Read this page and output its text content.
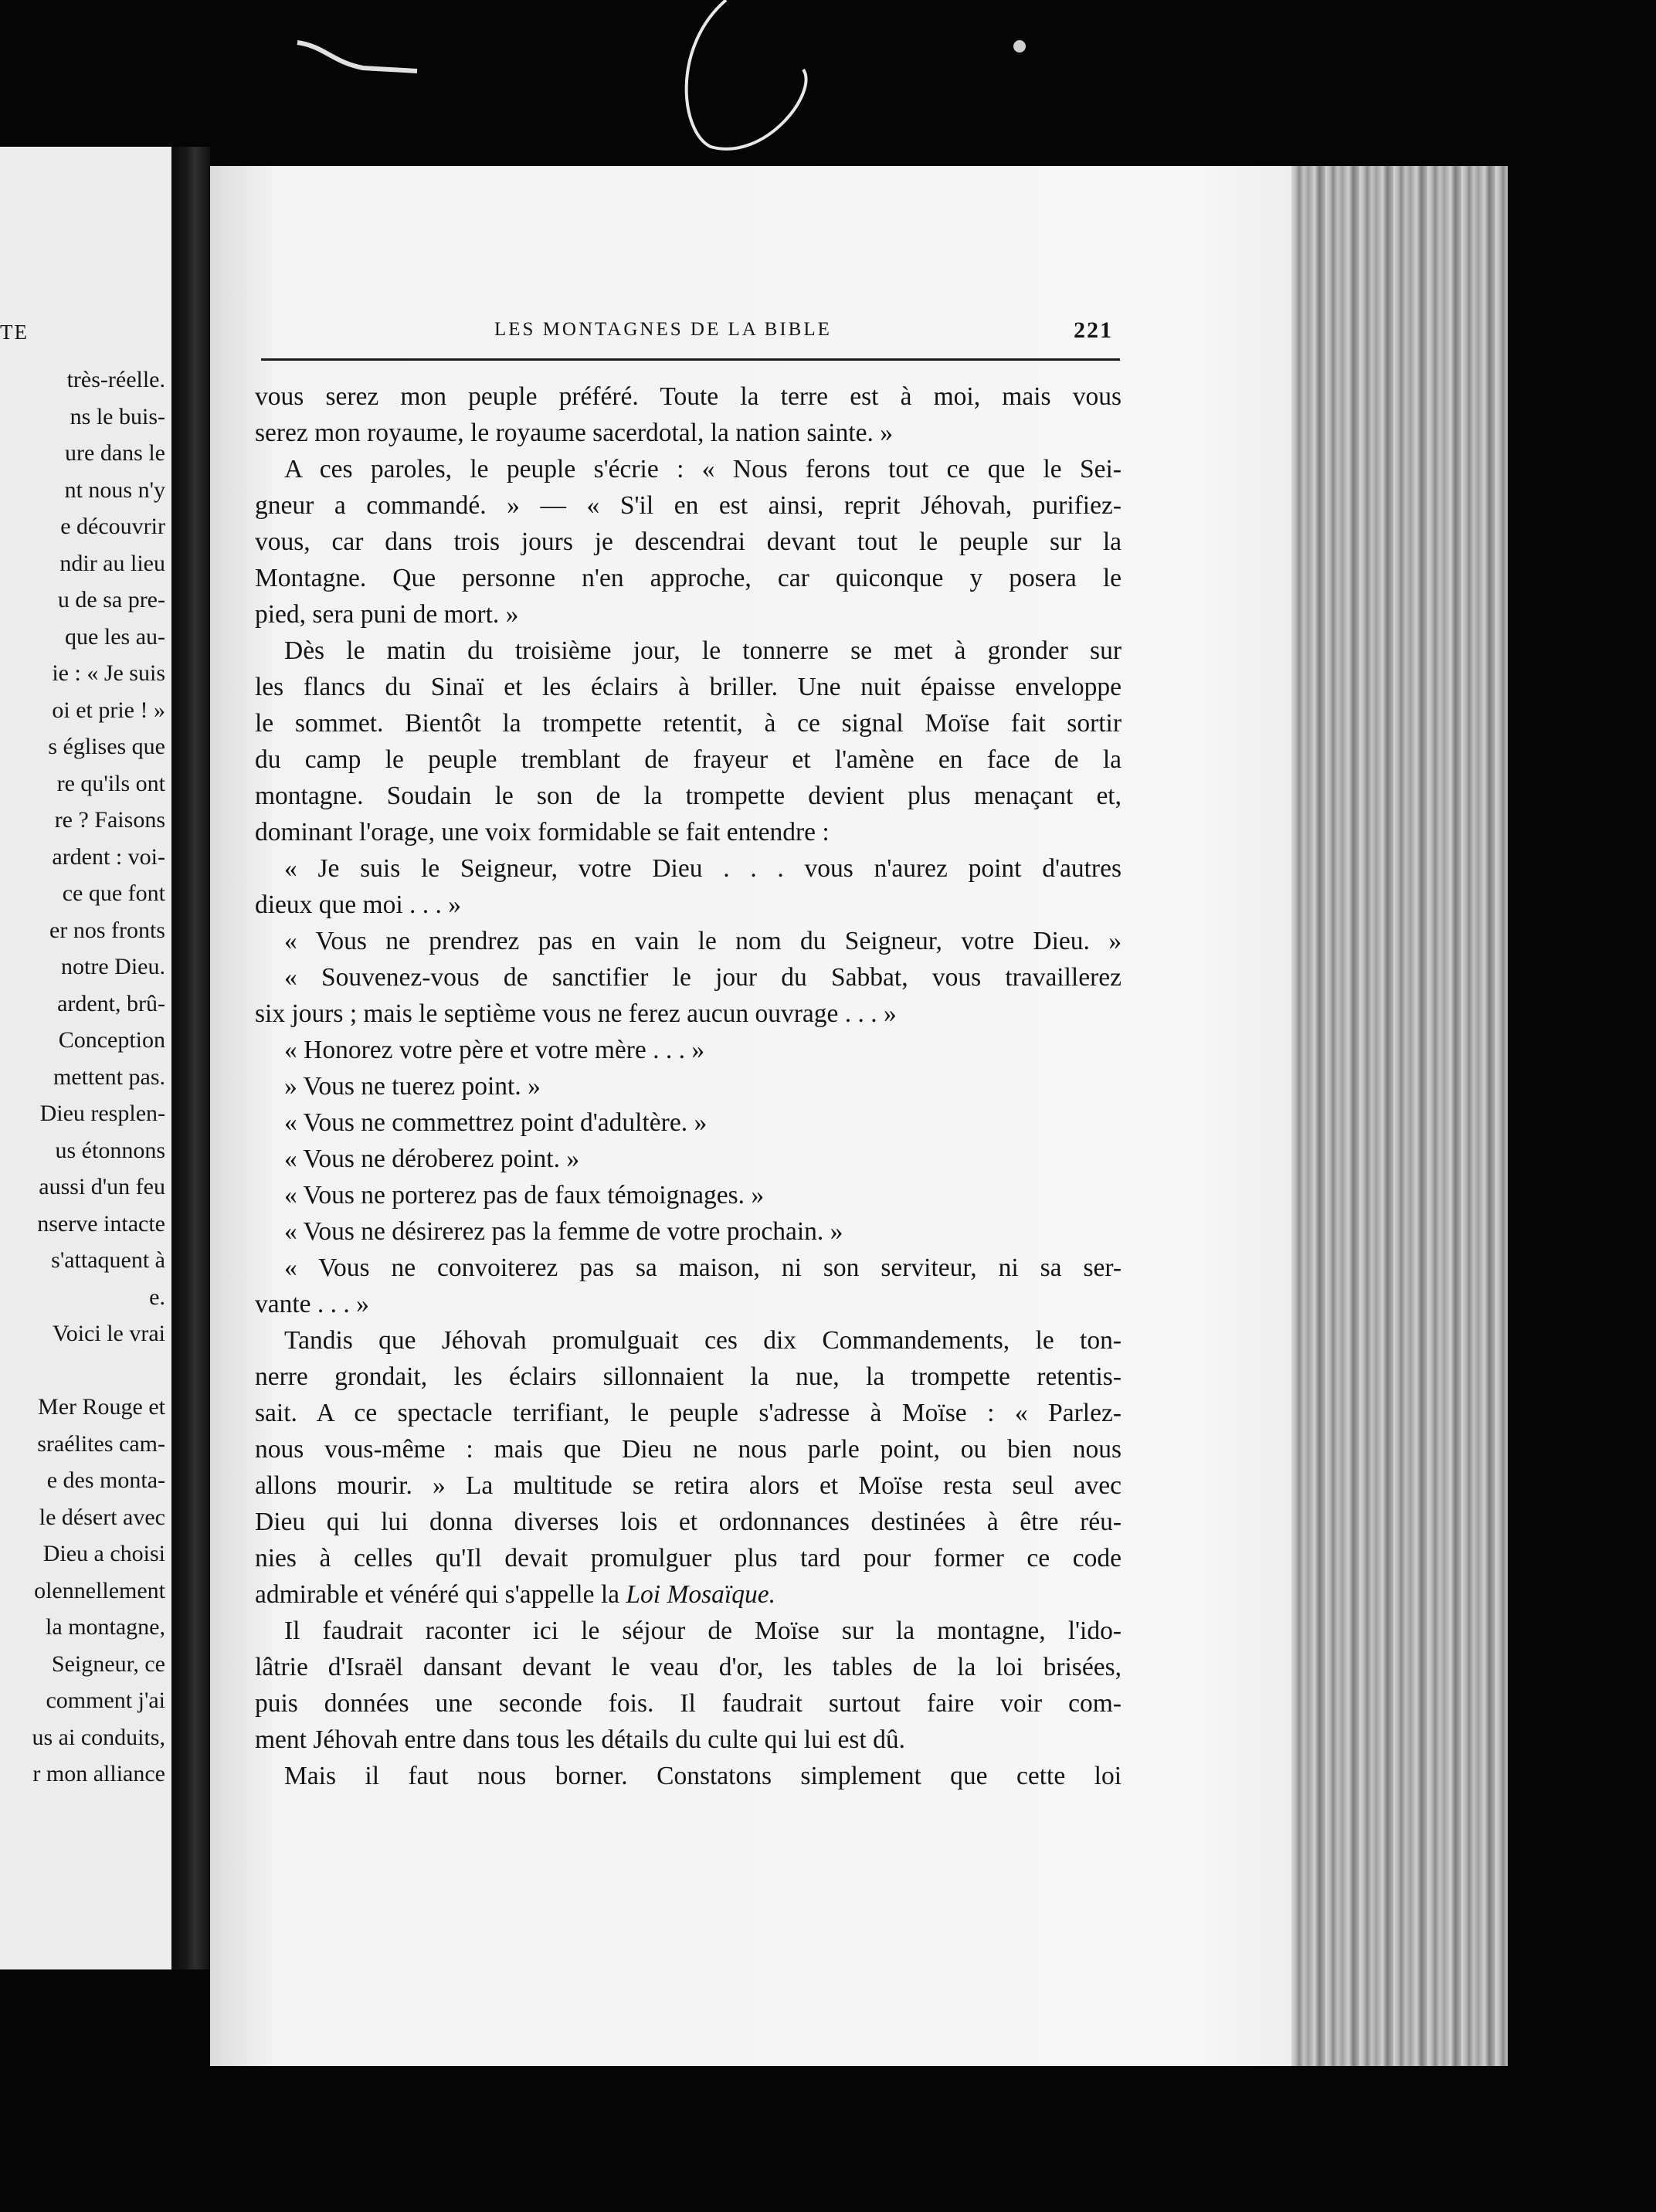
TE
très-réelle.
ns le buis-
ure dans le
nt nous n'y
e découvrir
ndir au lieu
u de sa pre-
que les au-
ie : « Je suis
oi et prie ! »
s églises que
re qu'ils ont
re ? Faisons
ardent : voi-
ce que font
er nos fronts
notre Dieu.
ardent, brû-
Conception
mettent pas.
Dieu resplen-
us étonnons
aussi d'un feu
nserve intacte
s'attaquent à
e.
Voici le vrai
Mer Rouge et
sraélites cam-
e des monta-
le désert avec
Dieu a choisi
olennellement
la montagne,
Seigneur, ce
comment j'ai
us ai conduits,
r mon alliance
LES MONTAGNES DE LA BIBLE	221
vous serez mon peuple préféré. Toute la terre est à moi, mais vous
serez mon royaume, le royaume sacerdotal, la nation sainte. »
A ces paroles, le peuple s'écrie : « Nous ferons tout ce que le Sei-
gneur a commandé. » — « S'il en est ainsi, reprit Jéhovah, purifiez-
vous, car dans trois jours je descendrai devant tout le peuple sur la
Montagne. Que personne n'en approche, car quiconque y posera le
pied, sera puni de mort. »
Dès le matin du troisième jour, le tonnerre se met à gronder sur
les flancs du Sinaï et les éclairs à briller. Une nuit épaisse enveloppe
le sommet. Bientôt la trompette retentit, à ce signal Moïse fait sortir
du camp le peuple tremblant de frayeur et l'amène en face de la
montagne. Soudain le son de la trompette devient plus menaçant et,
dominant l'orage, une voix formidable se fait entendre :
« Je suis le Seigneur, votre Dieu . . . vous n'aurez point d'autres
dieux que moi . . . »
« Vous ne prendrez pas en vain le nom du Seigneur, votre Dieu. »
« Souvenez-vous de sanctifier le jour du Sabbat, vous travaillerez
six jours ; mais le septième vous ne ferez aucun ouvrage . . . »
« Honorez votre père et votre mère . . . »
» Vous ne tuerez point. »
« Vous ne commettrez point d'adultère. »
« Vous ne déroberez point. »
« Vous ne porterez pas de faux témoignages. »
« Vous ne désirerez pas la femme de votre prochain. »
« Vous ne convoiterez pas sa maison, ni son serviteur, ni sa ser-
vante . . . »
Tandis que Jéhovah promulguait ces dix Commandements, le ton-
nerre grondait, les éclairs sillonnaient la nue, la trompette retentis-
sait. A ce spectacle terrifiant, le peuple s'adresse à Moïse : « Parlez-
nous vous-même : mais que Dieu ne nous parle point, ou bien nous
allons mourir. » La multitude se retira alors et Moïse resta seul avec
Dieu qui lui donna diverses lois et ordonnances destinées à être réu-
nies à celles qu'Il devait promulguer plus tard pour former ce code
admirable et vénéré qui s'appelle la Loi Mosaïque.
Il faudrait raconter ici le séjour de Moïse sur la montagne, l'ido-
lâtrie d'Israël dansant devant le veau d'or, les tables de la loi brisées,
puis données une seconde fois. Il faudrait surtout faire voir com-
ment Jéhovah entre dans tous les détails du culte qui lui est dû.
Mais il faut nous borner. Constatons simplement que cette loi
